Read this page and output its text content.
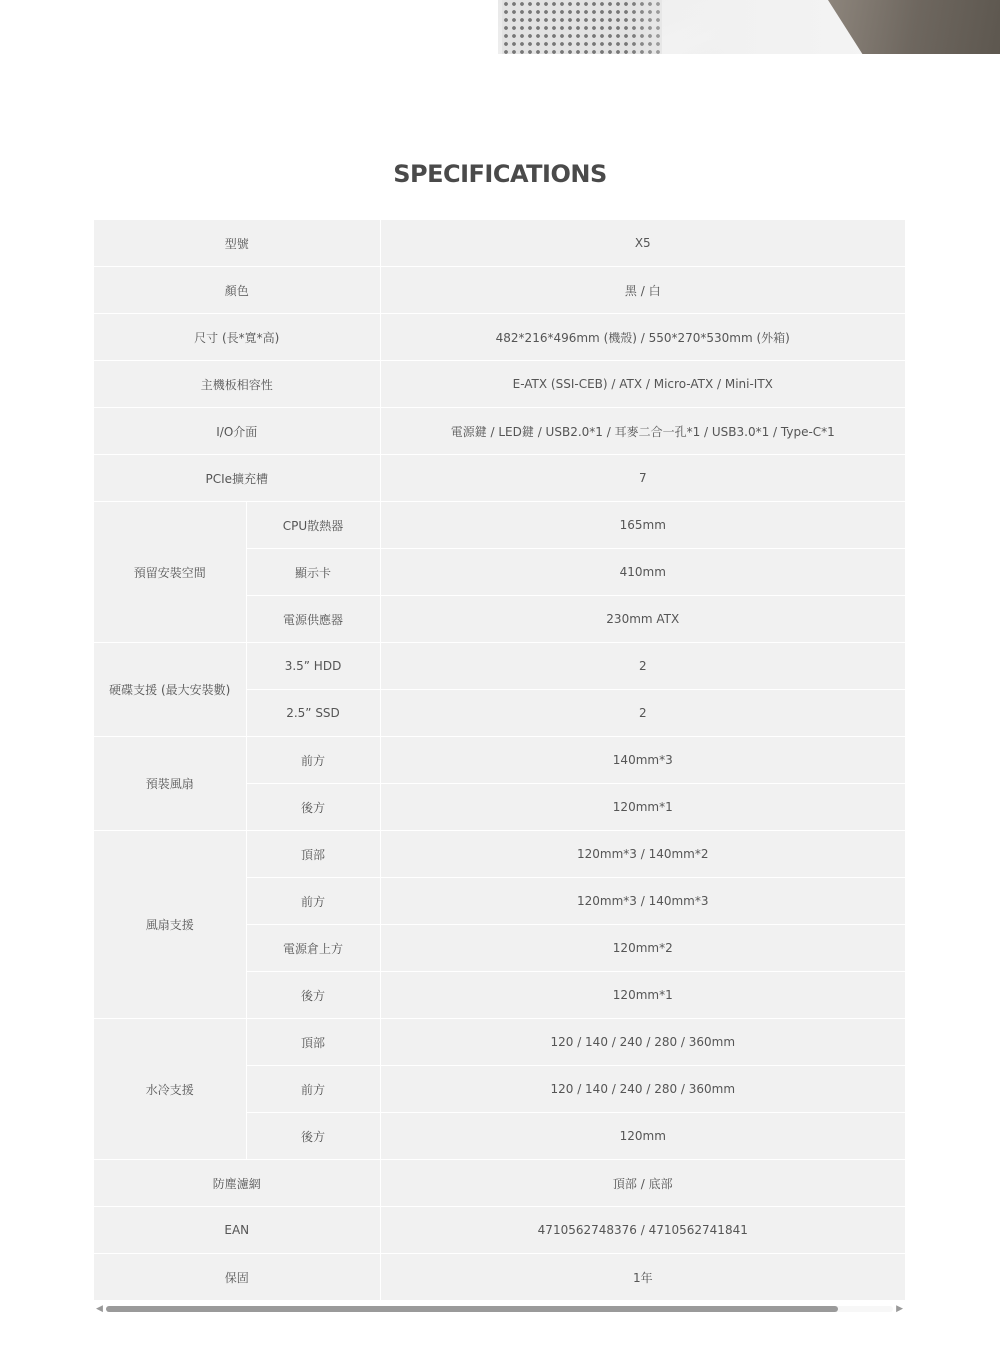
SPECIFICATIONS
型號		X5
顏色		黑 / 白
尺寸 (長*寬*高)		482*216*496mm (機殼) / 550*270*530mm (外箱)
主機板相容性		E-ATX (SSI-CEB) / ATX / Micro-ATX / Mini-ITX
I/O介面		電源鍵 / LED鍵 / USB2.0*1 / 耳麥二合一孔*1 / USB3.0*1 / Type-C*1
PCIe擴充槽		7
預留安裝空間	CPU散熱器	165mm
	顯示卡	410mm
	電源供應器	230mm ATX
硬碟支援 (最大安裝數)	3.5” HDD	2
	2.5” SSD	2
預裝風扇	前方	140mm*3
	後方	120mm*1
風扇支援	頂部	120mm*3 / 140mm*2
	前方	120mm*3 / 140mm*3
	電源倉上方	120mm*2
	後方	120mm*1
水冷支援	頂部	120 / 140 / 240 / 280 / 360mm
	前方	120 / 140 / 240 / 280 / 360mm
	後方	120mm
防塵濾網		頂部 / 底部
EAN		4710562748376 / 4710562741841
保固		1年
◀	▶
